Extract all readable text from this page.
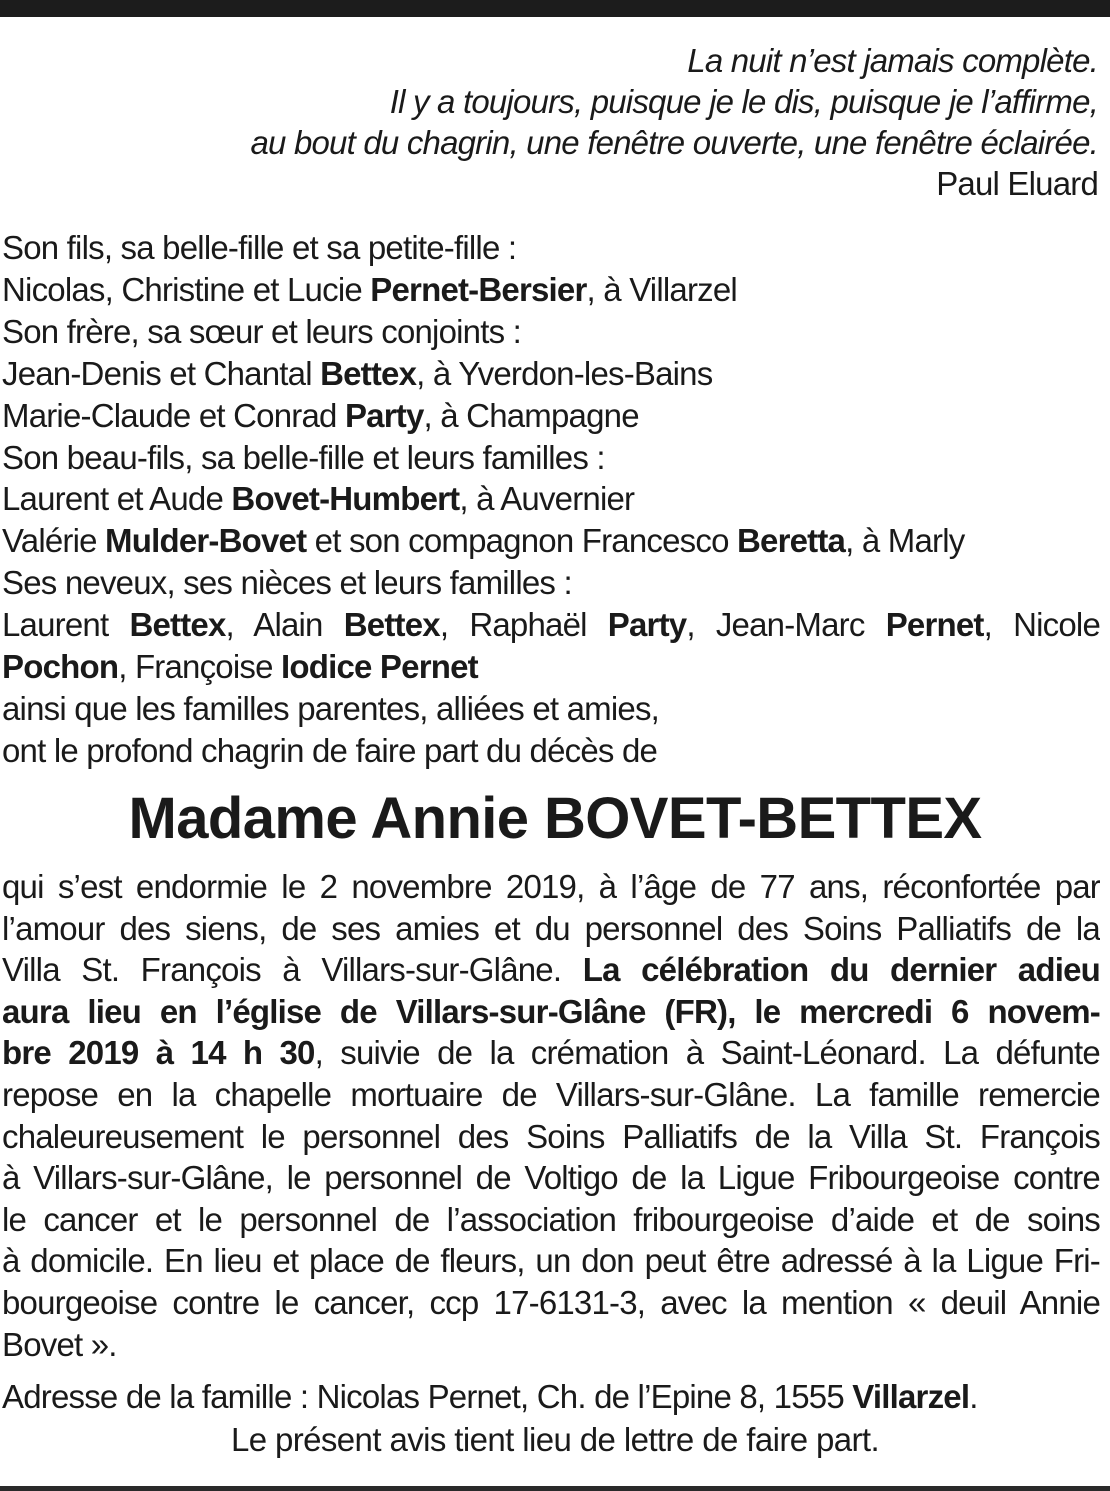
La nuit n’est jamais complète.
Il y a toujours, puisque je le dis, puisque je l’affirme,
au bout du chagrin, une fenêtre ouverte, une fenêtre éclairée.
Paul Eluard
Son fils, sa belle-fille et sa petite-fille :
Nicolas, Christine et Lucie Pernet-Bersier, à Villarzel
Son frère, sa sœur et leurs conjoints :
Jean-Denis et Chantal Bettex, à Yverdon-les-Bains
Marie-Claude et Conrad Party, à Champagne
Son beau-fils, sa belle-fille et leurs familles :
Laurent et Aude Bovet-Humbert, à Auvernier
Valérie Mulder-Bovet et son compagnon Francesco Beretta, à Marly
Ses neveux, ses nièces et leurs familles :
Laurent Bettex, Alain Bettex, Raphaël Party, Jean-Marc Pernet, Nicole
Pochon, Françoise Iodice Pernet
ainsi que les familles parentes, alliées et amies,
ont le profond chagrin de faire part du décès de
Madame Annie BOVET-BETTEX
qui s’est endormie le 2 novembre 2019, à l’âge de 77 ans, réconfortée par
l’amour des siens, de ses amies et du personnel des Soins Palliatifs de la
Villa St. François à Villars-sur-Glâne. La célébration du dernier adieu
aura lieu en l’église de Villars-sur-Glâne (FR), le mercredi 6 novem-
bre 2019 à 14 h 30, suivie de la crémation à Saint-Léonard. La défunte
repose en la chapelle mortuaire de Villars-sur-Glâne. La famille remercie
chaleureusement le personnel des Soins Palliatifs de la Villa St. François
à Villars-sur-Glâne, le personnel de Voltigo de la Ligue Fribourgeoise contre
le cancer et le personnel de l’association fribourgeoise d’aide et de soins
à domicile. En lieu et place de fleurs, un don peut être adressé à la Ligue Fri-
bourgeoise contre le cancer, ccp 17-6131-3, avec la mention « deuil Annie
Bovet ».
Adresse de la famille : Nicolas Pernet, Ch. de l’Epine 8, 1555 Villarzel.
Le présent avis tient lieu de lettre de faire part.
